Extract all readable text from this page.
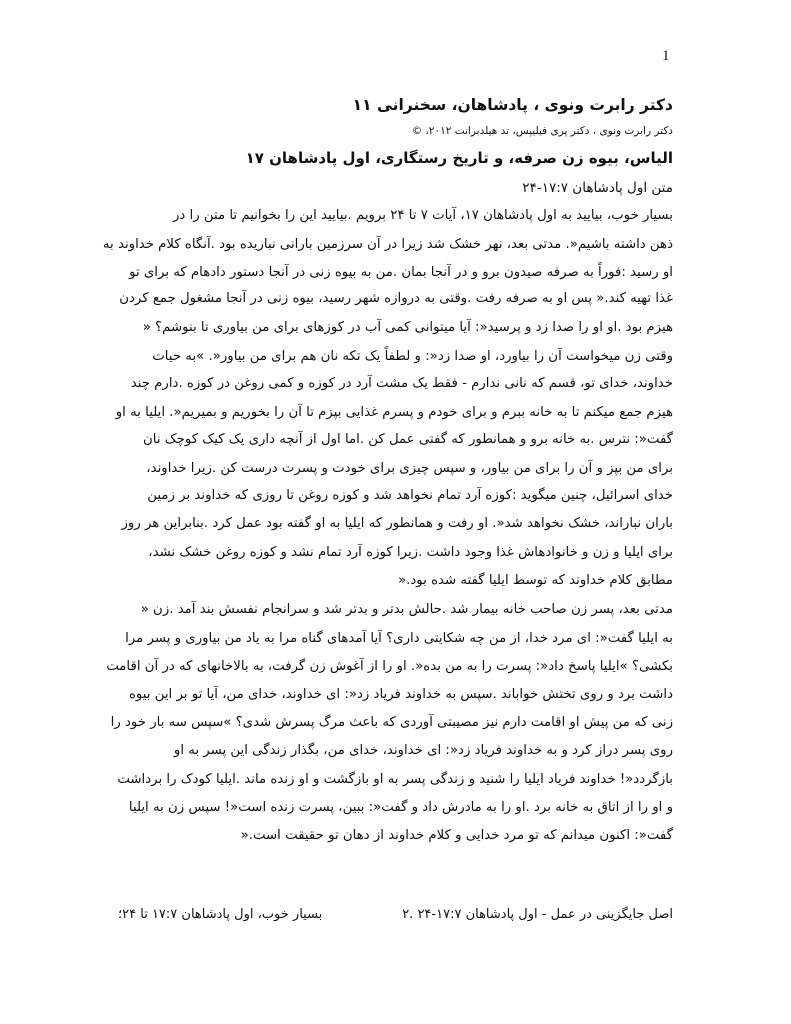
1
دکتر رابرت ونوی ، پادشاهان، سخنرانی ۱۱
دکتر رابرت ونوی ، دکتر پری فیلیپس، تد هیلدبرانت ۲۰۱۲، ©
الیاس، بیوه زن صرفه، و تاریخ رستگاری، اول پادشاهان ۱۷
متن اول پادشاهان ۱۷:۷-۲۴
بسیار خوب، بیایید به اول پادشاهان ۱۷، آیات ۷ تا ۲۴ برویم .بیایید این را بخوانیم تا متن را در
ذهن داشته باشیم«. مدتی بعد، نهر خشک شد زیرا در آن سرزمین بارانی نباریده بود .آنگاه کلام خداوند به
او رسید :فوراً به صرفه صیدون برو و در آنجا بمان .من به بیوه زنی در آنجا دستور دادهام که برای تو
غذا تهیه کند.« پس او به صرفه رفت .وقتی به دروازه شهر رسید، بیوه زنی در آنجا مشغول جمع کردن
هیزم بود .او او را صدا زد و پرسید«: آیا میتوانی کمی آب در کوزهای برای من بیاوری تا بنوشم؟ «
وقتی زن میخواست آن را بیاورد، او صدا زد«: و لطفاً یک تکه نان هم برای من بیاور«. »به حیات
خداوند، خدای تو، قسم که نانی ندارم - فقط یک مشت آرد در کوزه و کمی روغن در کوزه .دارم چند
هیزم جمع میکنم تا به خانه ببرم و برای خودم و پسرم غذایی بپزم تا آن را بخوریم و بمیریم«. ایلیا به او
گفت«: نترس .به خانه برو و همانطور که گفتی عمل کن .اما اول از آنچه داری یک کیک کوچک نان
برای من بپز و آن را برای من بیاور، و سپس چیزی برای خودت و پسرت درست کن .زیرا خداوند،
خدای اسرائیل، چنین میگوید :کوزه آرد تمام نخواهد شد و کوزه روغن تا روزی که خداوند بر زمین
باران نباراند، خشک نخواهد شد«. او رفت و همانطور که ایلیا به او گفته بود عمل کرد .بنابراین هر روز
برای ایلیا و زن و خانوادهاش غذا وجود داشت .زیرا کوزه آرد تمام نشد و کوزه روغن خشک نشد،
مطابق کلام خداوند که توسط ایلیا گفته شده بود.«
مدتی بعد، پسر زن صاحب خانه بیمار شد .حالش بدتر و بدتر شد و سرانجام نفسش بند آمد .زن «
به ایلیا گفت«: ای مرد خدا، از من چه شکایتی داری؟ آیا آمدهای گناه مرا به یاد من بیاوری و پسر مرا
بکشی؟ »ایلیا پاسخ داد«: پسرت را به من بده«. او را از آغوش زن گرفت، به بالاخانهای که در آن اقامت
داشت برد و روی تختش خواباند .سپس به خداوند فریاد زد«: ای خداوند، خدای من، آیا تو بر این بیوه
زنی که من پیش او اقامت دارم نیز مصیبتی آوردی که باعث مرگ پسرش شدی؟ »سپس سه بار خود را
روی پسر دراز کرد و به خداوند فریاد زد«: ای خداوند، خدای من، بگذار زندگی این پسر به او
بازگردد«! خداوند فریاد ایلیا را شنید و زندگی پسر به او بازگشت و او زنده ماند .ایلیا کودک را برداشت
و او را از اتاق به خانه برد .او را به مادرش داد و گفت«: ببین، پسرت زنده است«! سپس زن به ایلیا
گفت«: اکنون میدانم که تو مرد خدایی و کلام خداوند از دهان تو حقیقت است.«
بسیار خوب، اول پادشاهان ۱۷:۷ تا ۲۴؛	اصل جایگزینی در عمل - اول پادشاهان ۱۷:۷-۲۴ .۲
